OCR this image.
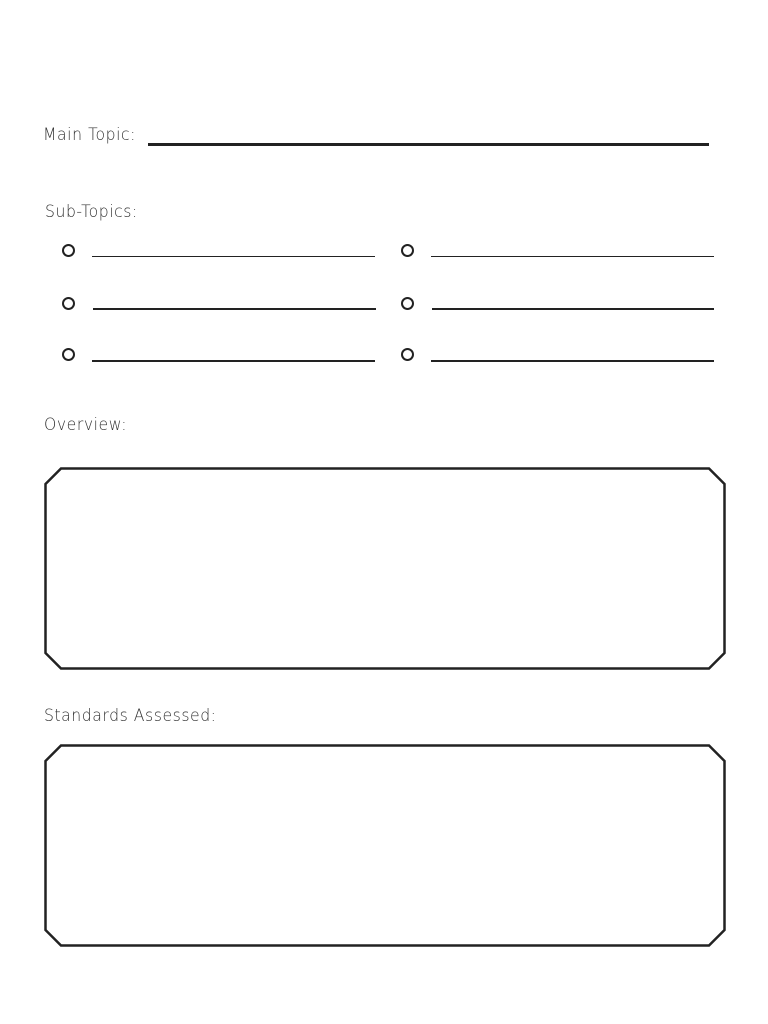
Main Topic:
Sub-Topics:
Overview:
Standards Assessed:
